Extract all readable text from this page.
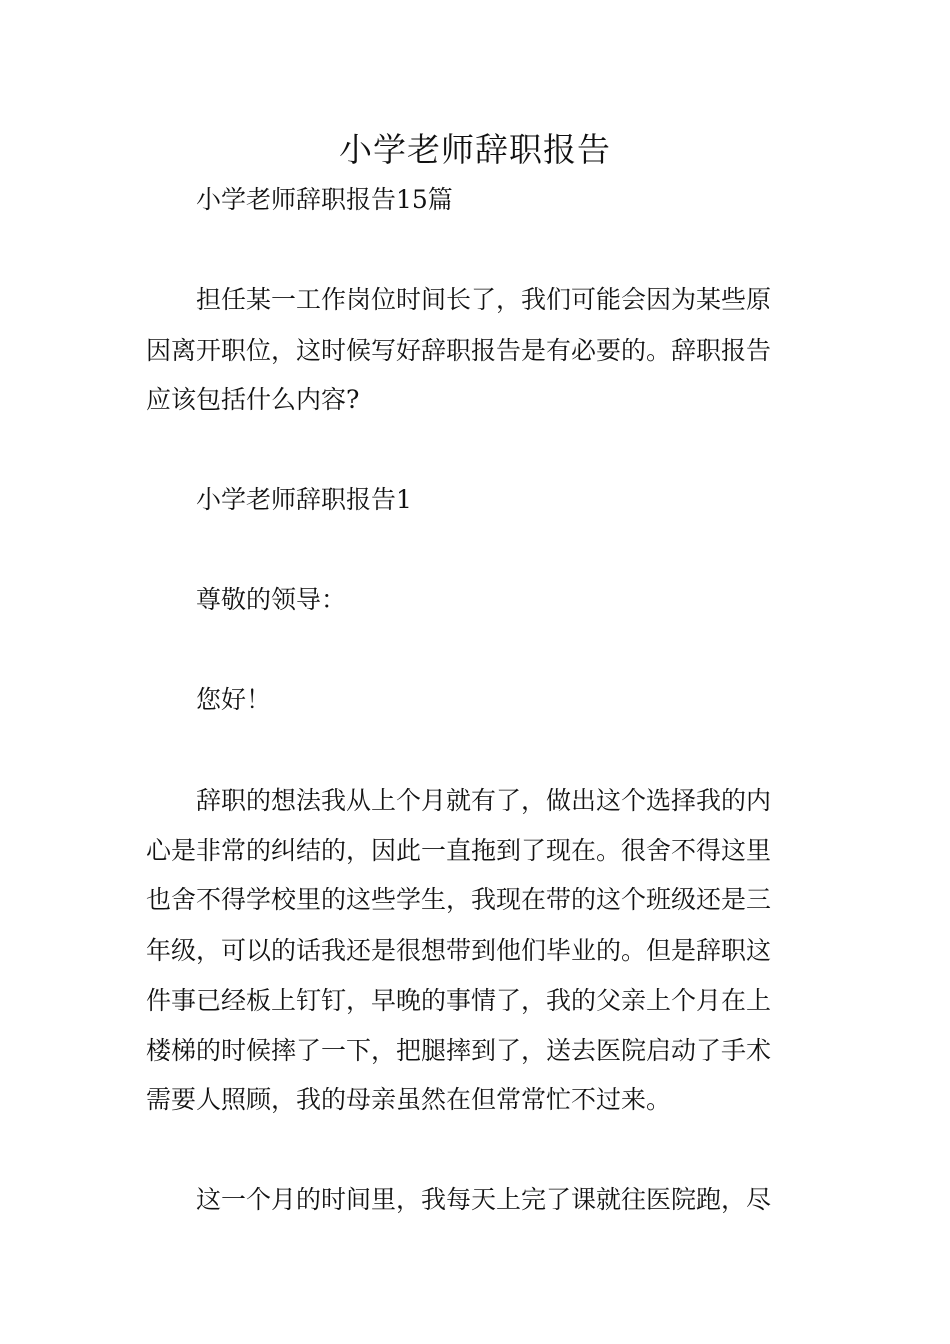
小学老师辞职报告

小学老师辞职报告15篇

担任某一工作岗位时间长了，我们可能会因为某些原

因离开职位，这时候写好辞职报告是有必要的。辞职报告

应该包括什么内容?

小学老师辞职报告1

尊敬的领导：

您好！

辞职的想法我从上个月就有了，做出这个选择我的内

心是非常的纠结的，因此一直拖到了现在。很舍不得这里

也舍不得学校里的这些学生，我现在带的这个班级还是三

年级，可以的话我还是很想带到他们毕业的。但是辞职这

件事已经板上钉钉，早晚的事情了，我的父亲上个月在上

楼梯的时候摔了一下，把腿摔到了，送去医院启动了手术

需要人照顾，我的母亲虽然在但常常忙不过来。

这一个月的时间里，我每天上完了课就往医院跑，尽
